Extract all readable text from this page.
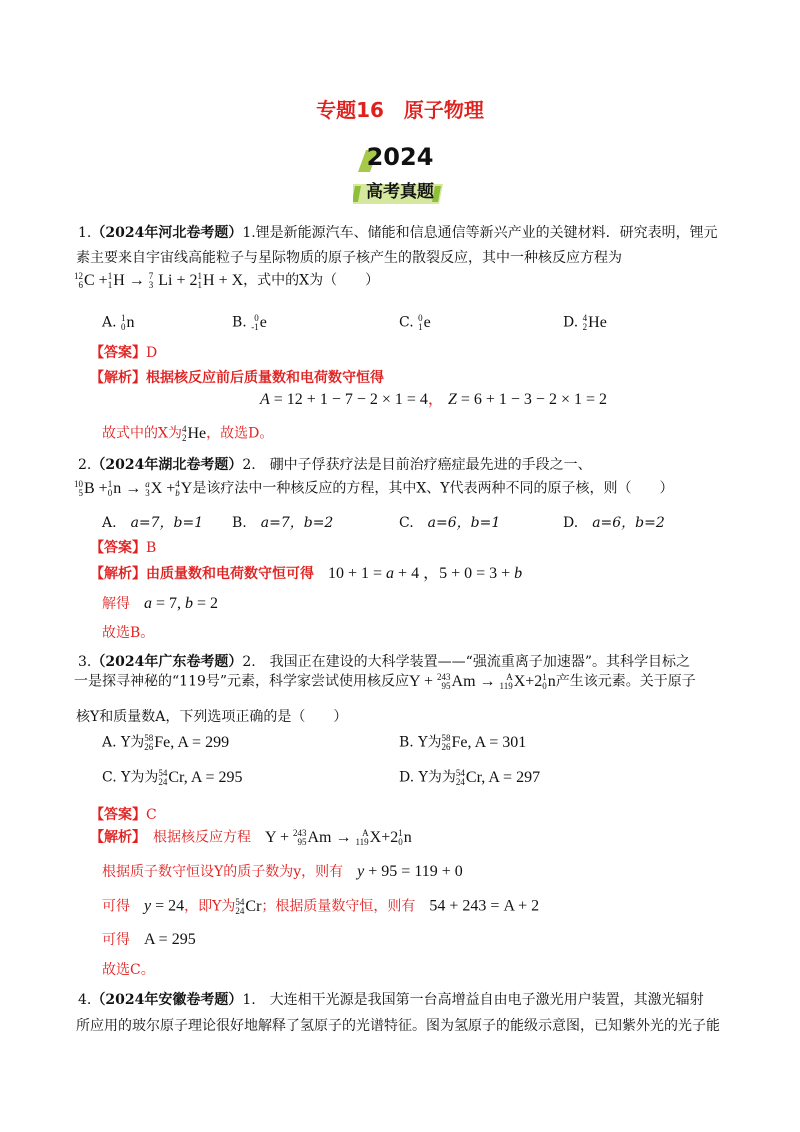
专题16　原子物理
2024
高考真题
1.（2024年河北卷考题）1.锂是新能源汽车、储能和信息通信等新兴产业的关键材料．研究表明，锂元
素主要来自宇宙线高能粒子与星际物质的原子核产生的散裂反应，其中一种核反应方程为
12
6 C + 1
1 H → 7
3 Li + 2 1
1 H + X，式中的X为（　　）
A. 1
0 n	B. 0
-1 e	C. 0
1 e	D. 4
2 He
【答案】D
【解析】根据核反应前后质量数和电荷数守恒得
A = 12 + 1 − 7 − 2 × 1 = 4， Z = 6 + 1 − 3 − 2 × 1 = 2
故式中的X为 4
2 He，故选D。
2.（2024年湖北卷考题）2.　硼中子俘获疗法是目前治疗癌症最先进的手段之一、
10
5 B + 1
0 n → a
3 X + 4
b Y是该疗法中一种核反应的方程，其中X、Y代表两种不同的原子核，则（　　）
A.　 a=7，b=1 B.　 a=7，b=2	C.　 a=6，b=1	D.　 a=6，b=2
【答案】B
【解析】由质量数和电荷数守恒可得　 10 + 1 = a + 4 ，5 + 0 = 3 + b
解得　 a = 7, b = 2
故选B。
3.（2024年广东卷考题）2.　我国正在建设的大科学装置——“强流重离子加速器”。其科学目标之
一是探寻神秘的“119号”元素，科学家尝试使用核反应Y + 243
95 Am → A
119 X+2 1
0 n产生该元素。关于原子
核Y和质量数A，下列选项正确的是（　　）
A. Y为 58
26 Fe, A = 299	B. Y为 58
26 Fe, A = 301
C. Y为为 54
24 Cr, A = 295	D. Y为为 54
24 Cr, A = 297
【答案】C
【解析】　 根据核反应方程　 Y + 243
95 Am → A
119 X+2 1
0 n
根据质子数守恒设Y的质子数为y，则有　 y + 95 = 119 + 0
可得　 y = 24，即Y为 54
24 Cr；根据质量数守恒，则有　 54 + 243 = A + 2
可得　 A = 295
故选C。
4.（2024年安徽卷考题）1.　大连相干光源是我国第一台高增益自由电子激光用户装置，其激光辐射
所应用的玻尔原子理论很好地解释了氢原子的光谱特征。图为氢原子的能级示意图，已知紫外光的光子能
